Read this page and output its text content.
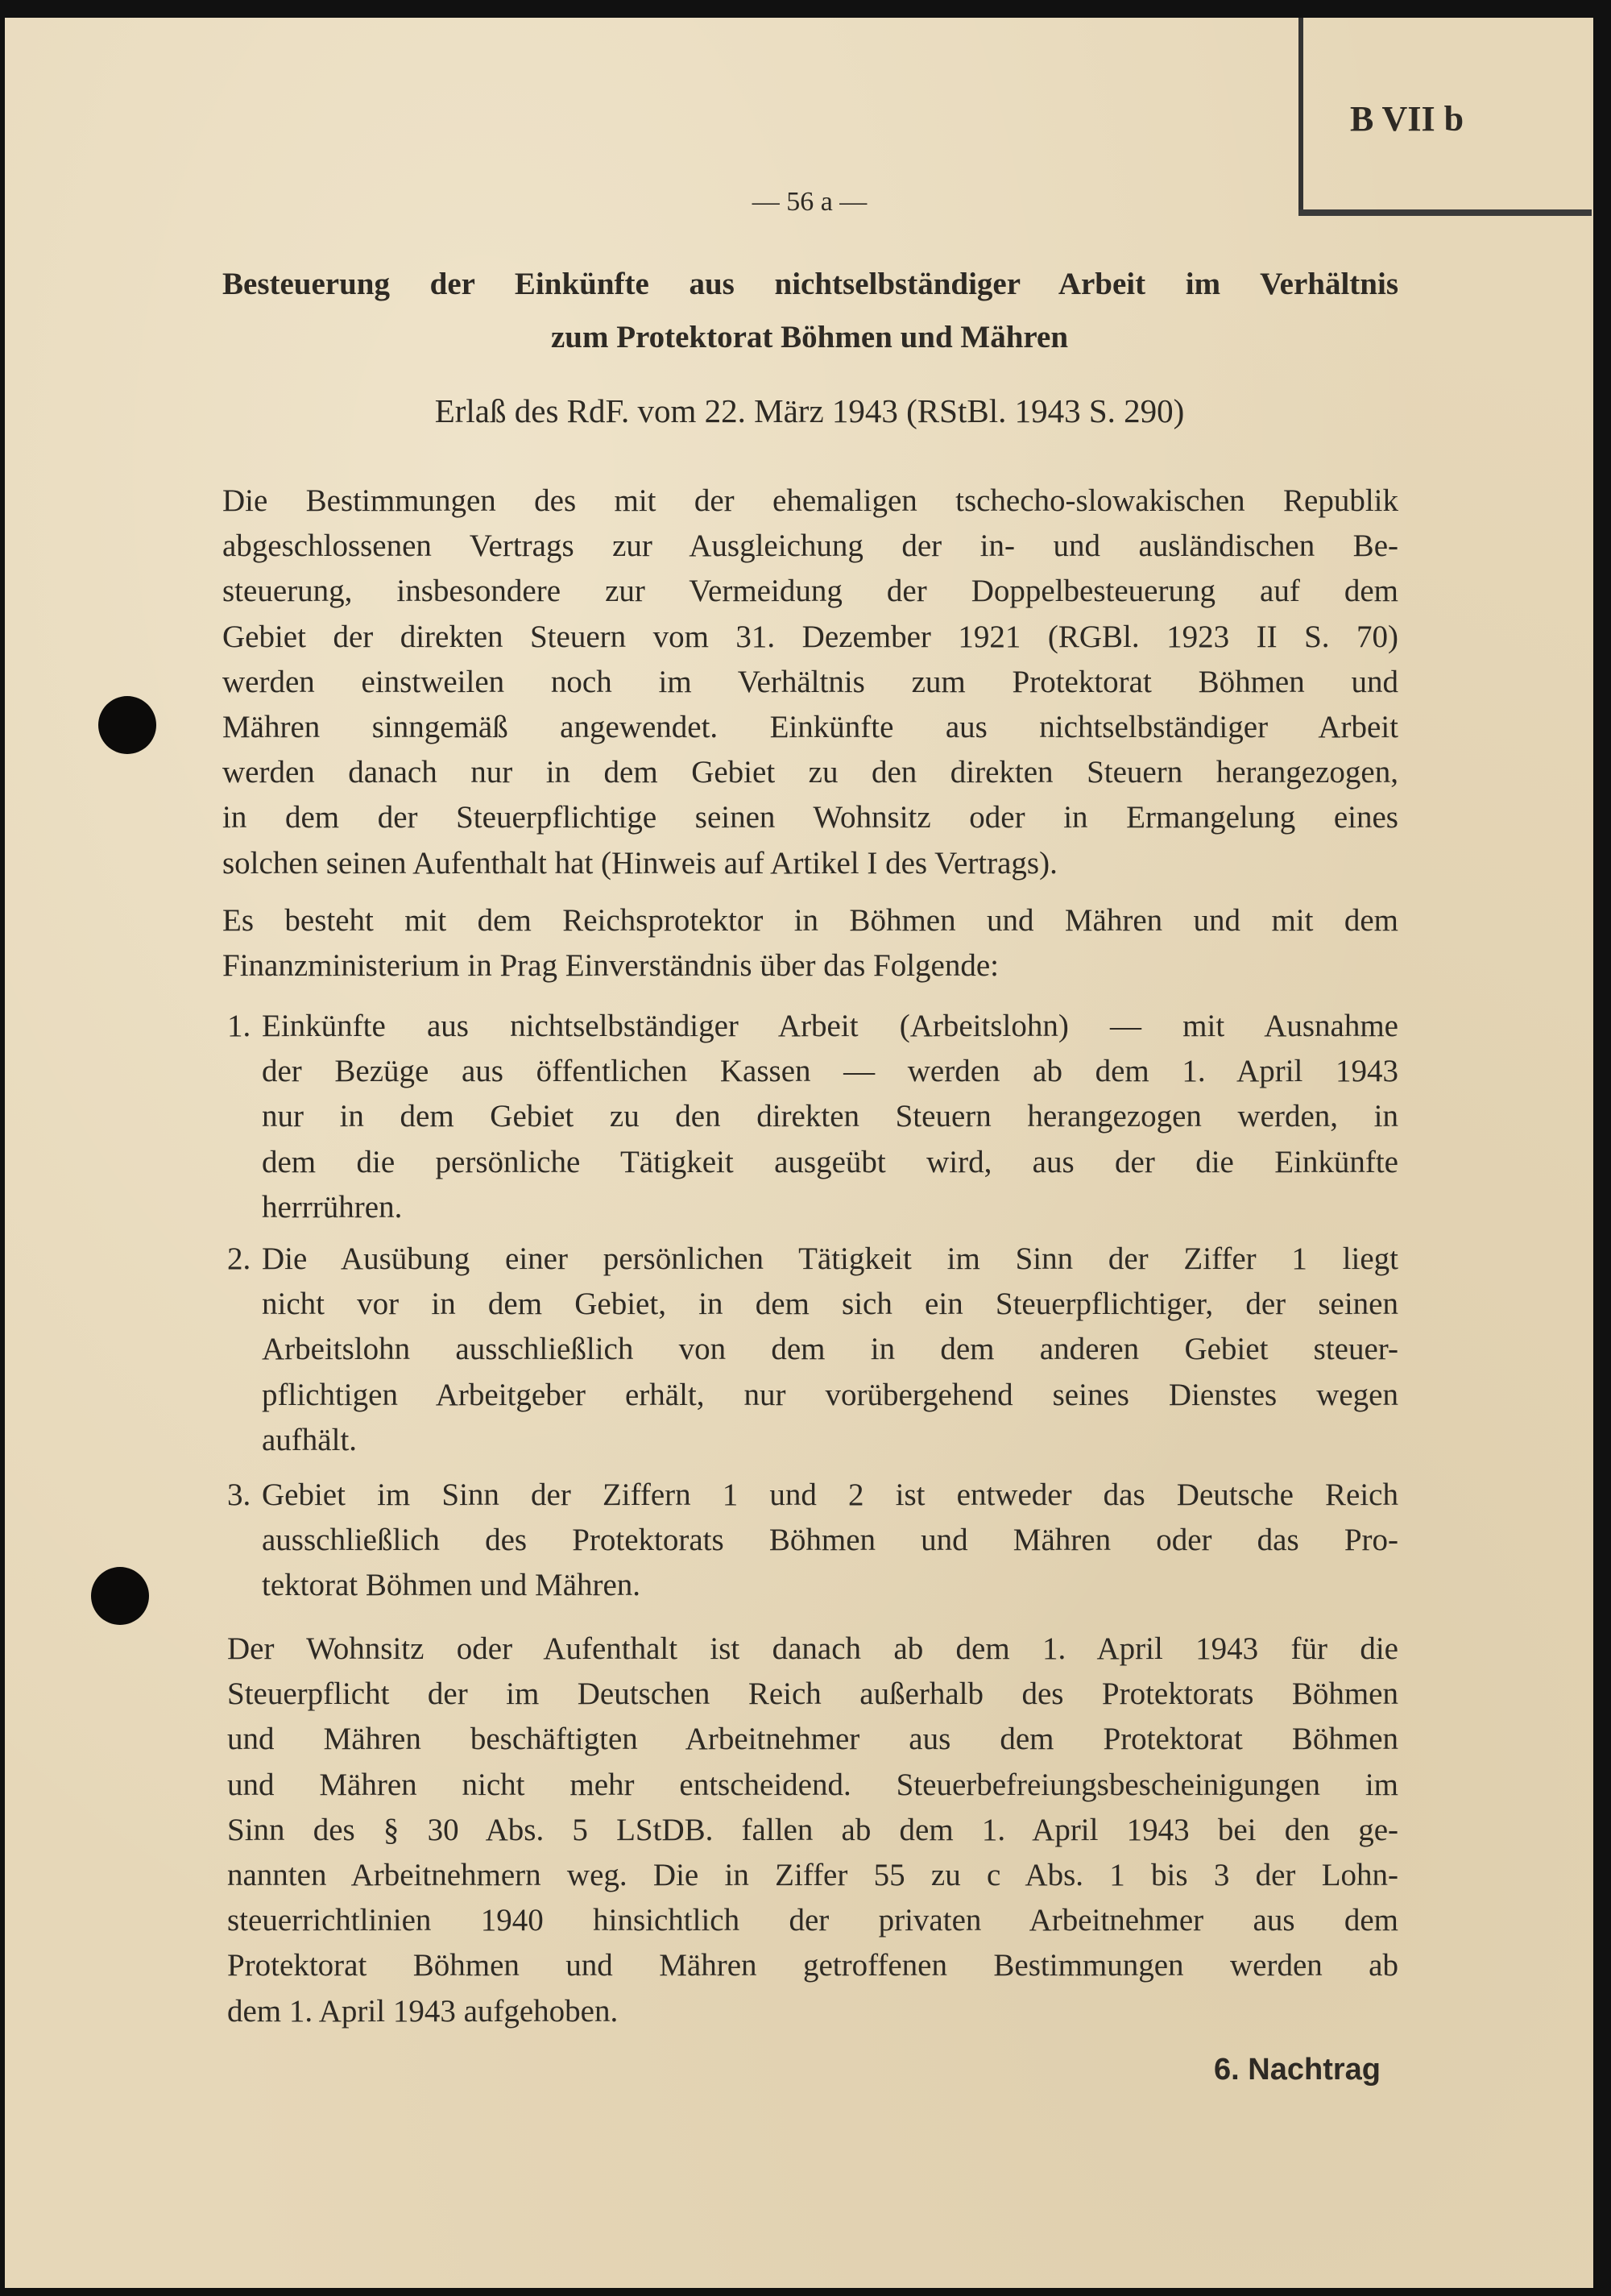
B VII b
— 56 a —
Besteuerung der Einkünfte aus nichtselbständiger Arbeit im Verhältnis
zum Protektorat Böhmen und Mähren
Erlaß des RdF. vom 22. März 1943 (RStBl. 1943 S. 290)
Die Bestimmungen des mit der ehemaligen tschecho-slowakischen Republik
abgeschlossenen Vertrags zur Ausgleichung der in- und ausländischen Be-
steuerung, insbesondere zur Vermeidung der Doppelbesteuerung auf dem
Gebiet der direkten Steuern vom 31. Dezember 1921 (RGBl. 1923 II S. 70)
werden einstweilen noch im Verhältnis zum Protektorat Böhmen und
Mähren sinngemäß angewendet. Einkünfte aus nichtselbständiger Arbeit
werden danach nur in dem Gebiet zu den direkten Steuern herangezogen,
in dem der Steuerpflichtige seinen Wohnsitz oder in Ermangelung eines
solchen seinen Aufenthalt hat (Hinweis auf Artikel I des Vertrags).
Es besteht mit dem Reichsprotektor in Böhmen und Mähren und mit dem
Finanzministerium in Prag Einverständnis über das Folgende:
1. Einkünfte aus nichtselbständiger Arbeit (Arbeitslohn) — mit Ausnahme
der Bezüge aus öffentlichen Kassen — werden ab dem 1. April 1943
nur in dem Gebiet zu den direkten Steuern herangezogen werden, in
dem die persönliche Tätigkeit ausgeübt wird, aus der die Einkünfte
herrrühren.
2. Die Ausübung einer persönlichen Tätigkeit im Sinn der Ziffer 1 liegt
nicht vor in dem Gebiet, in dem sich ein Steuerpflichtiger, der seinen
Arbeitslohn ausschließlich von dem in dem anderen Gebiet steuer-
pflichtigen Arbeitgeber erhält, nur vorübergehend seines Dienstes wegen
aufhält.
3. Gebiet im Sinn der Ziffern 1 und 2 ist entweder das Deutsche Reich
ausschließlich des Protektorats Böhmen und Mähren oder das Pro-
tektorat Böhmen und Mähren.
Der Wohnsitz oder Aufenthalt ist danach ab dem 1. April 1943 für die
Steuerpflicht der im Deutschen Reich außerhalb des Protektorats Böhmen
und Mähren beschäftigten Arbeitnehmer aus dem Protektorat Böhmen
und Mähren nicht mehr entscheidend. Steuerbefreiungsbescheinigungen im
Sinn des § 30 Abs. 5 LStDB. fallen ab dem 1. April 1943 bei den ge-
nannten Arbeitnehmern weg. Die in Ziffer 55 zu c Abs. 1 bis 3 der Lohn-
steuerrichtlinien 1940 hinsichtlich der privaten Arbeitnehmer aus dem
Protektorat Böhmen und Mähren getroffenen Bestimmungen werden ab
dem 1. April 1943 aufgehoben.
6. Nachtrag
